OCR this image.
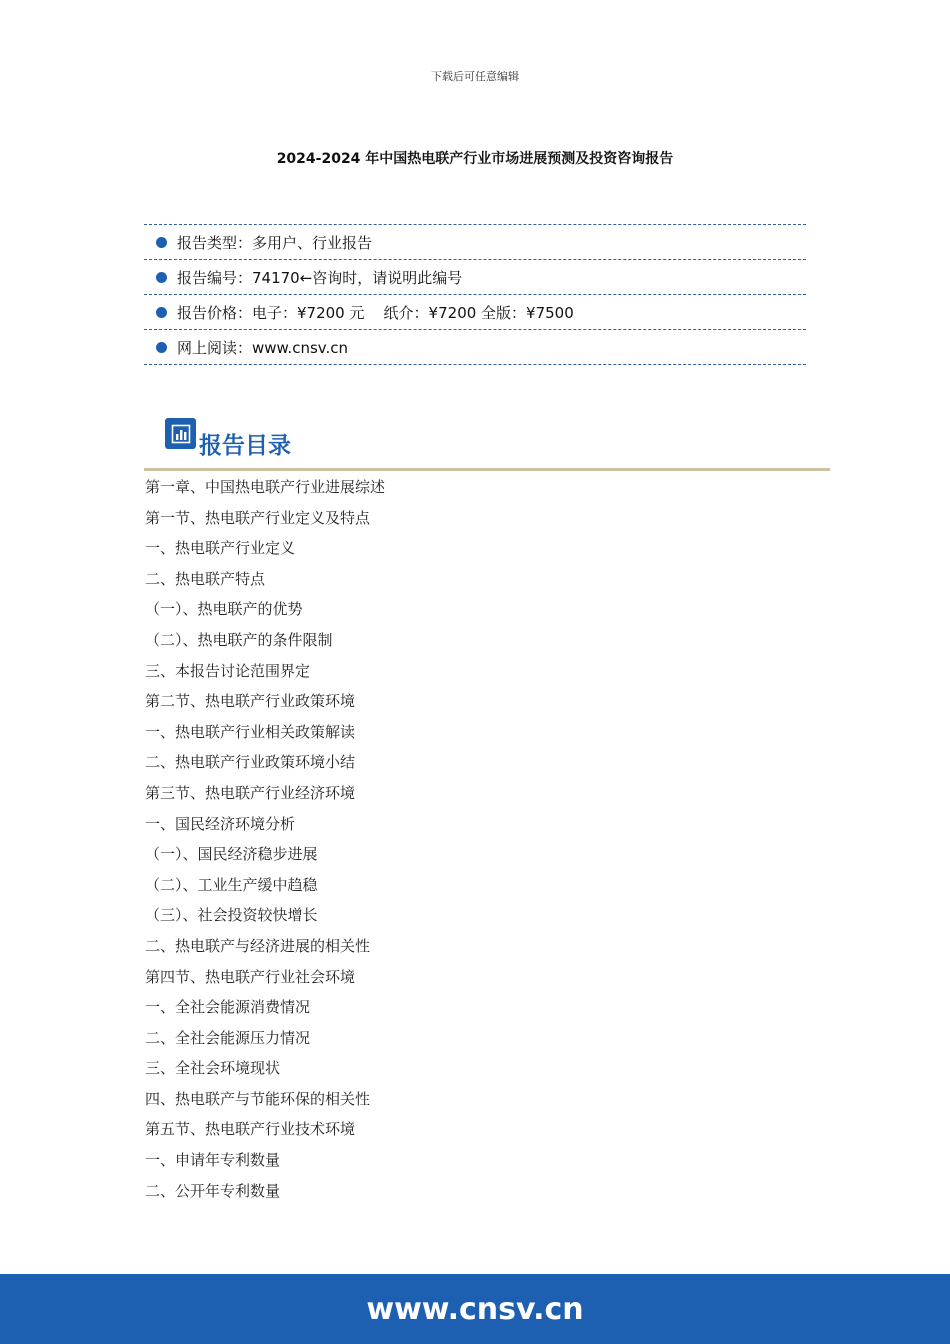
下载后可任意编辑
2024-2024 年中国热电联产行业市场进展预测及投资咨询报告
报告类型：多用户、行业报告
报告编号：74170←咨询时，请说明此编号
报告价格：电子：¥7200 元    纸介：¥7200 全版：¥7500
网上阅读：www.cnsv.cn
报告目录
第一章、中国热电联产行业进展综述
第一节、热电联产行业定义及特点
一、热电联产行业定义
二、热电联产特点
（一）、热电联产的优势
（二）、热电联产的条件限制
三、本报告讨论范围界定
第二节、热电联产行业政策环境
一、热电联产行业相关政策解读
二、热电联产行业政策环境小结
第三节、热电联产行业经济环境
一、国民经济环境分析
（一）、国民经济稳步进展
（二）、工业生产缓中趋稳
（三）、社会投资较快增长
二、热电联产与经济进展的相关性
第四节、热电联产行业社会环境
一、全社会能源消费情况
二、全社会能源压力情况
三、全社会环境现状
四、热电联产与节能环保的相关性
第五节、热电联产行业技术环境
一、申请年专利数量
二、公开年专利数量
www.cnsv.cn
